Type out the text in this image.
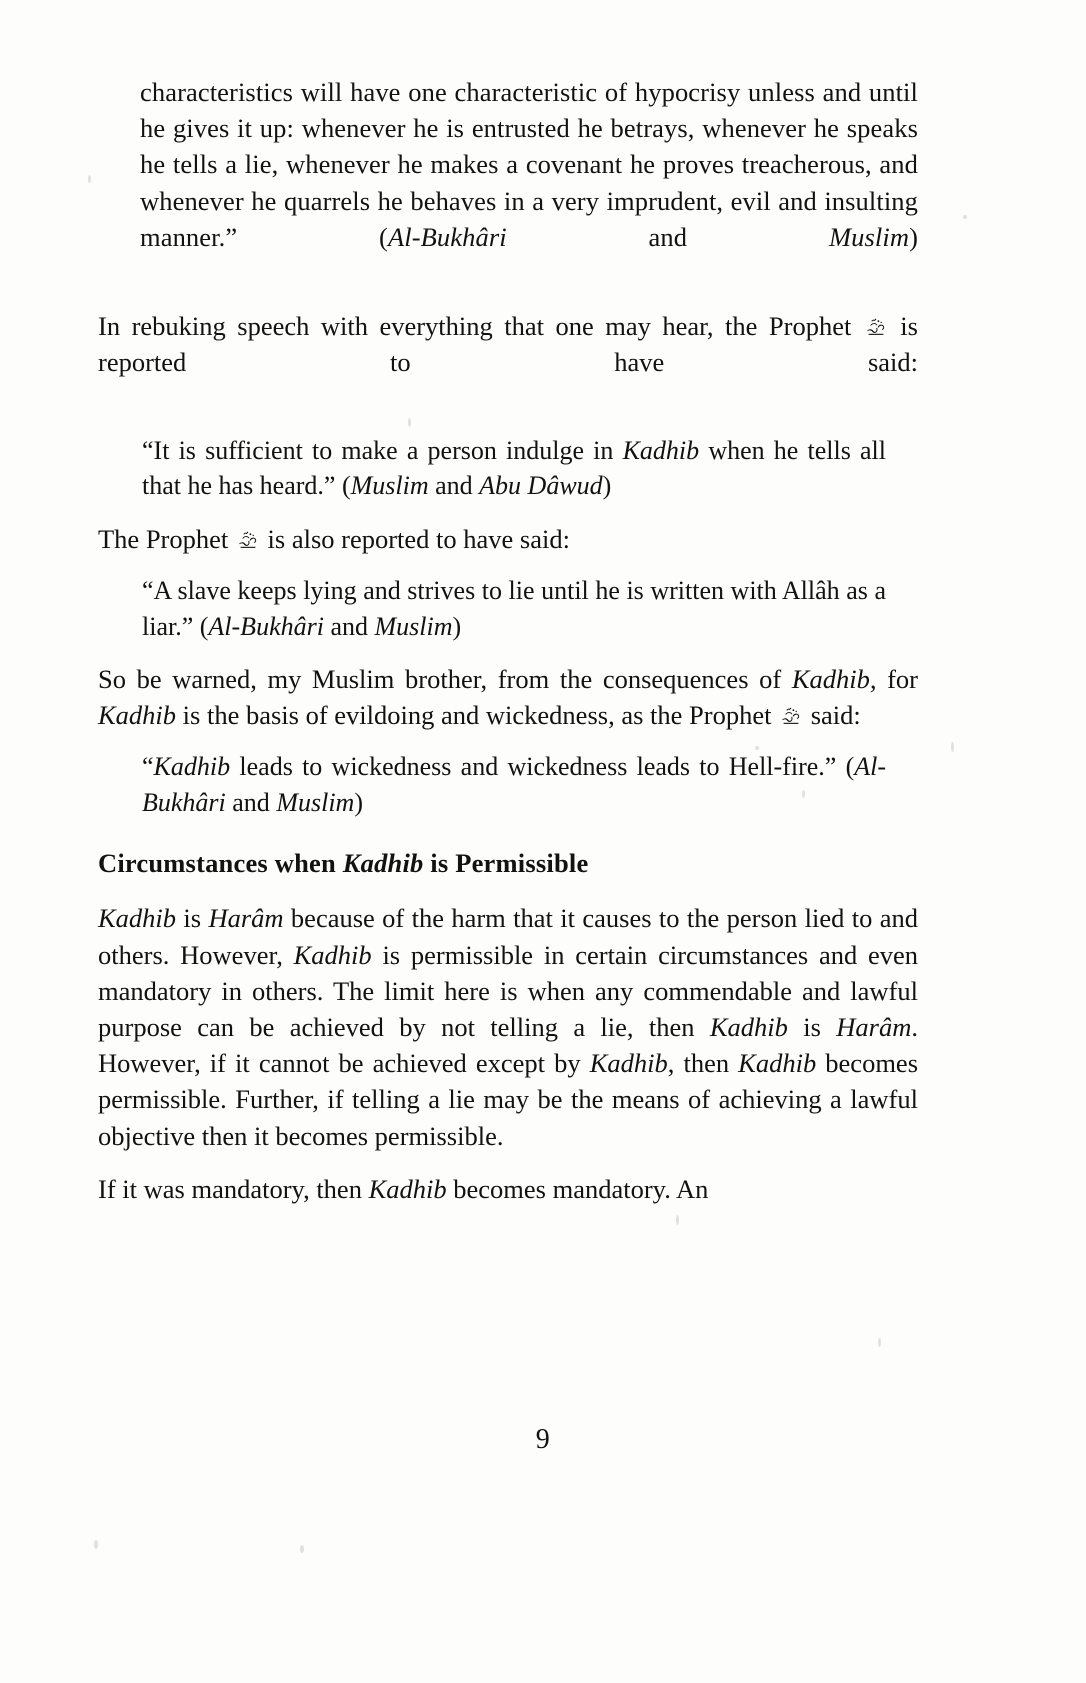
characteristics will have one characteristic of hypocrisy unless and until he gives it up: whenever he is entrusted he betrays, whenever he speaks he tells a lie, whenever he makes a covenant he proves treacherous, and whenever he quarrels he behaves in a very imprudent, evil and insulting manner.” (Al-Bukhâri and Muslim)

In rebuking speech with everything that one may hear, the Prophet
is reported to have said:

“It is sufficient to make a person indulge in Kadhib when he tells all that he has heard.” (Muslim and Abu Dâwud)

The Prophet
is also reported to have said:

“A slave keeps lying and strives to lie until he is written with Allâh as a liar.” (Al-Bukhâri and Muslim)

So be warned, my Muslim brother, from the consequences of Kadhib, for Kadhib is the basis of evildoing and wickedness, as the Prophet
said:

“Kadhib leads to wickedness and wickedness leads to Hell-fire.” (Al-Bukhâri and Muslim)

Circumstances when Kadhib is Permissible

Kadhib is Harâm because of the harm that it causes to the person lied to and others. However, Kadhib is permissible in certain circumstances and even mandatory in others. The limit here is when any commendable and lawful purpose can be achieved by not telling a lie, then Kadhib is Harâm. However, if it cannot be achieved except by Kadhib, then Kadhib becomes permissible. Further, if telling a lie may be the means of achieving a lawful objective then it becomes permissible.

If it was mandatory, then Kadhib becomes mandatory. An

9
